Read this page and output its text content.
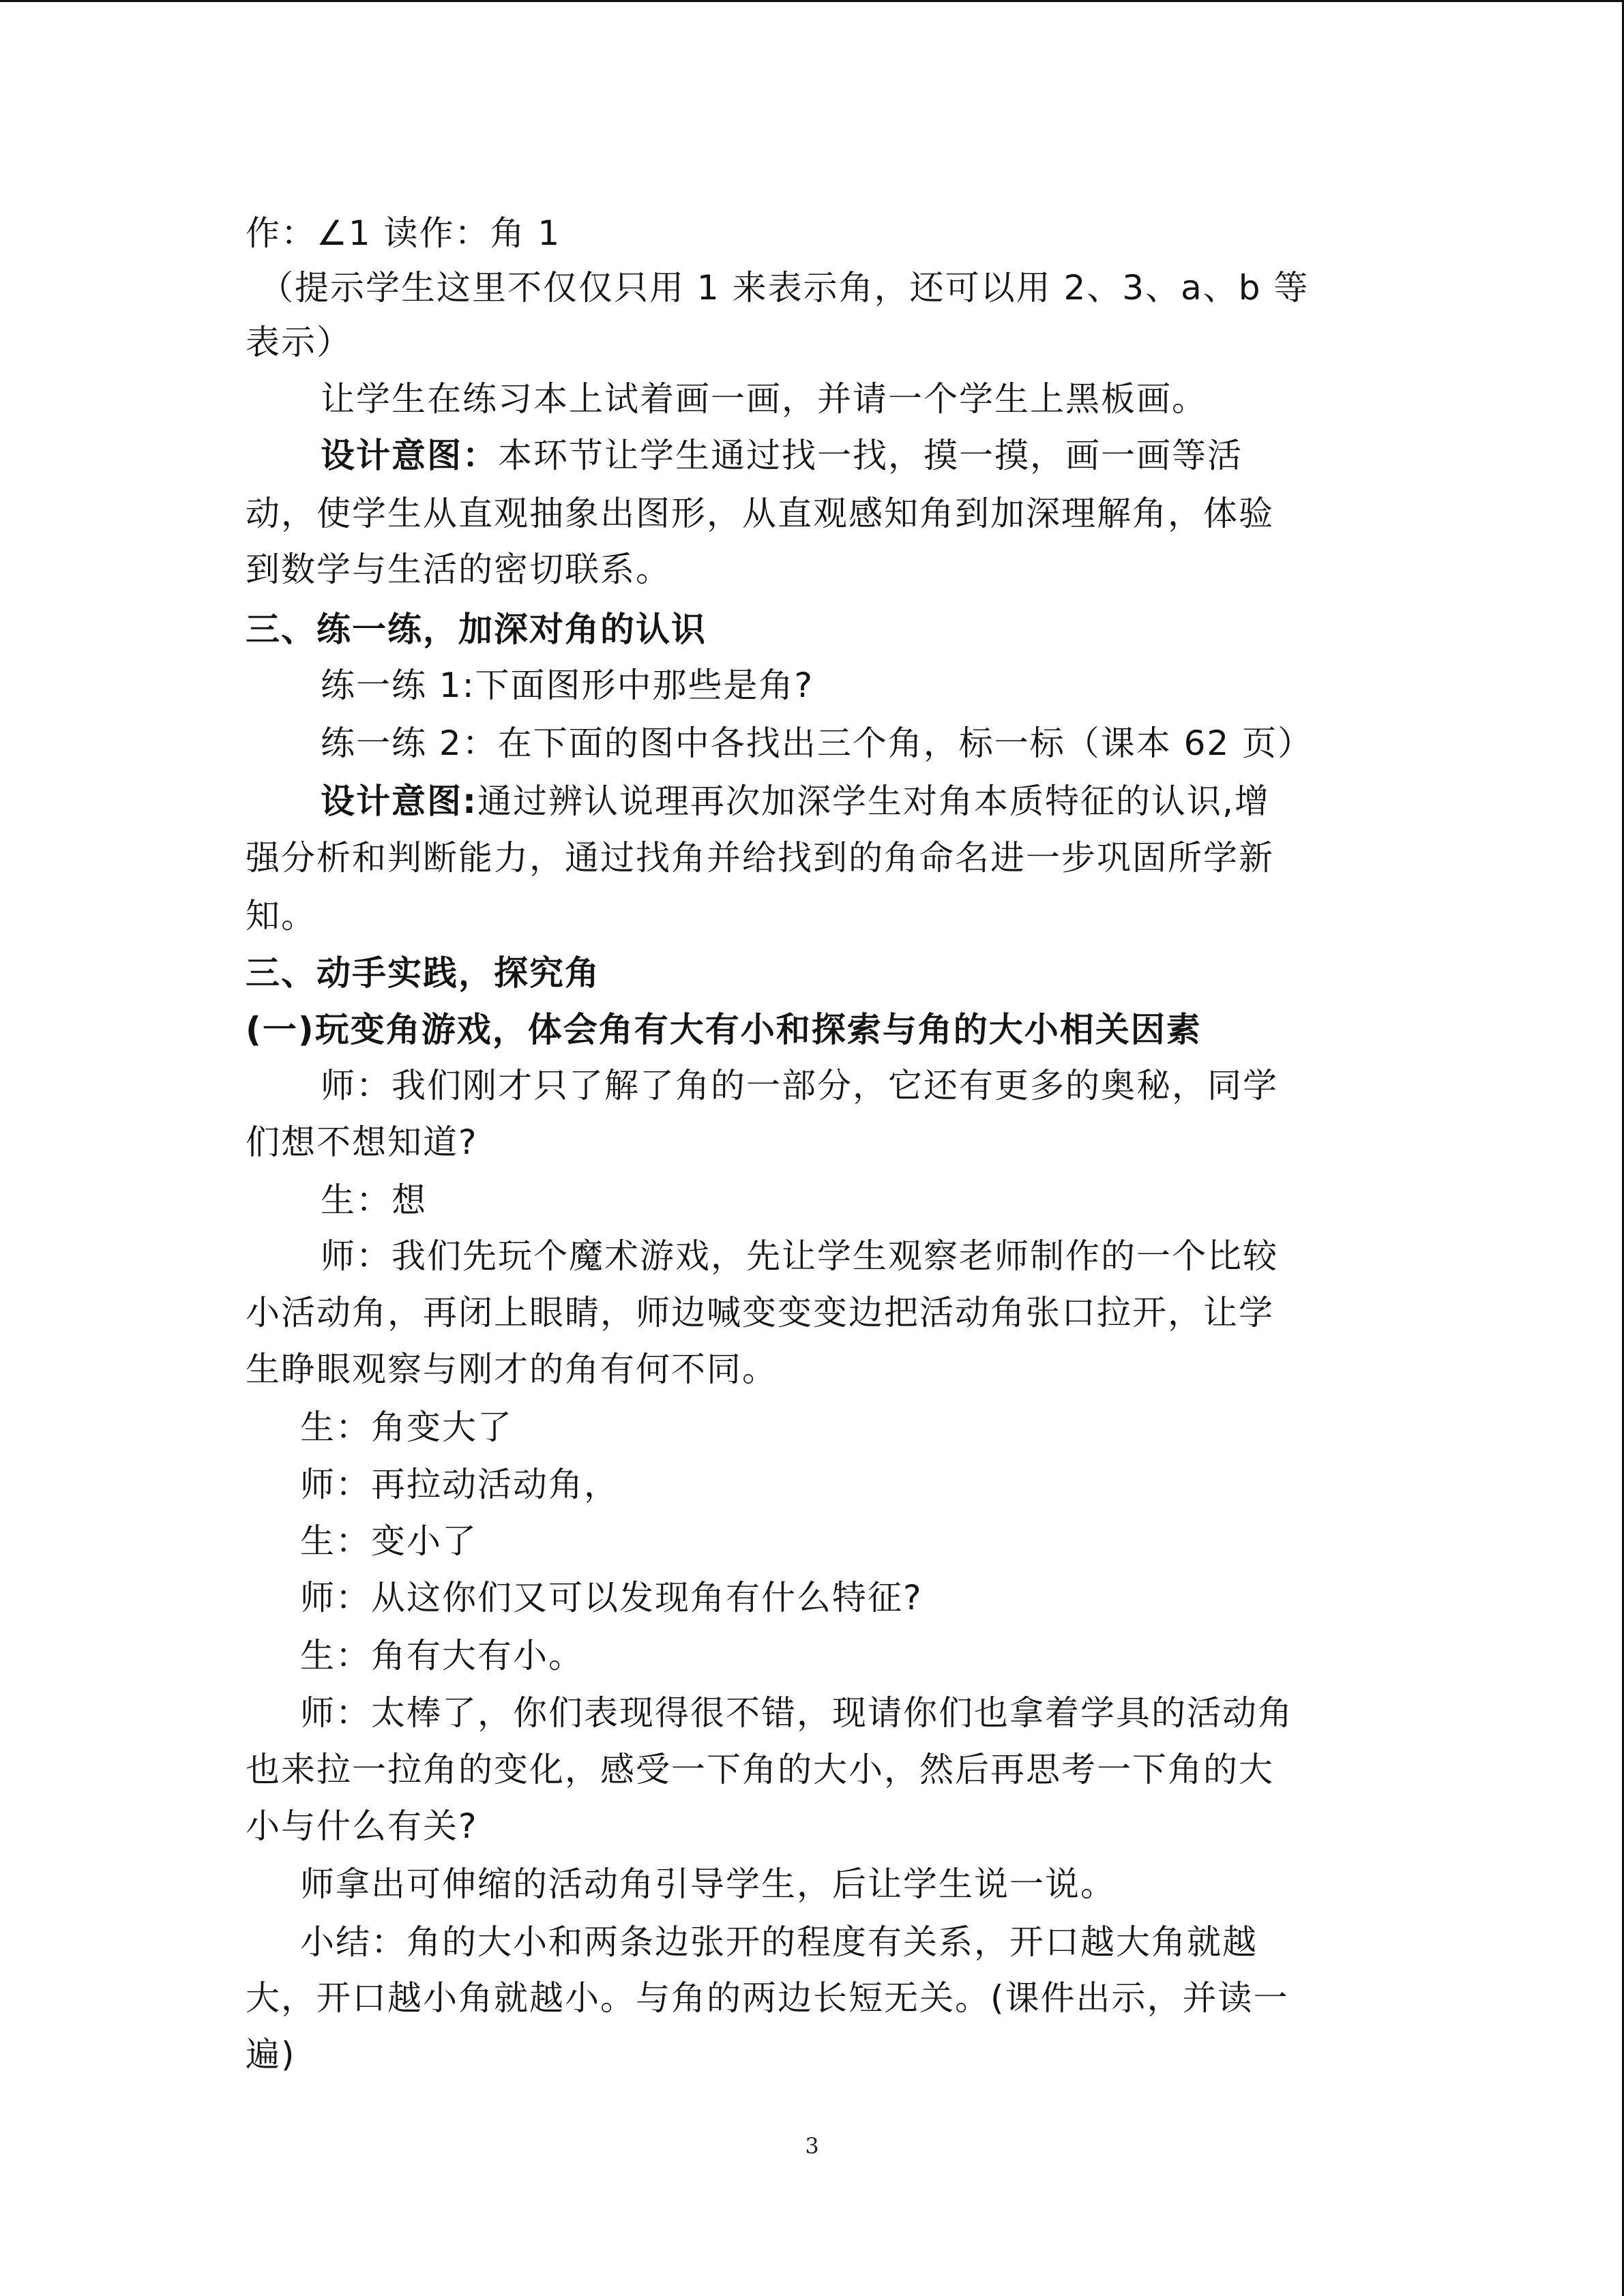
作：∠1 读作：角 1
（提示学生这里不仅仅只用 1 来表示角，还可以用 2、3、a、b 等
表示）
让学生在练习本上试着画一画，并请一个学生上黑板画。
设计意图：本环节让学生通过找一找，摸一摸，画一画等活
动，使学生从直观抽象出图形，从直观感知角到加深理解角，体验
到数学与生活的密切联系。
三、练一练，加深对角的认识
练一练 1:下面图形中那些是角?
练一练 2：在下面的图中各找出三个角，标一标（课本 62 页）
设计意图:通过辨认说理再次加深学生对角本质特征的认识,增
强分析和判断能力，通过找角并给找到的角命名进一步巩固所学新
知。
三、动手实践，探究角
(一)玩变角游戏，体会角有大有小和探索与角的大小相关因素
师：我们刚才只了解了角的一部分，它还有更多的奥秘，同学
们想不想知道?
生：想
师：我们先玩个魔术游戏，先让学生观察老师制作的一个比较
小活动角，再闭上眼睛，师边喊变变变边把活动角张口拉开，让学
生睁眼观察与刚才的角有何不同。
生：角变大了
师：再拉动活动角，
生：变小了
师：从这你们又可以发现角有什么特征?
生：角有大有小。
师：太棒了，你们表现得很不错，现请你们也拿着学具的活动角
也来拉一拉角的变化，感受一下角的大小，然后再思考一下角的大
小与什么有关?
师拿出可伸缩的活动角引导学生，后让学生说一说。
小结：角的大小和两条边张开的程度有关系，开口越大角就越
大，开口越小角就越小。与角的两边长短无关。(课件出示，并读一
遍)
3
